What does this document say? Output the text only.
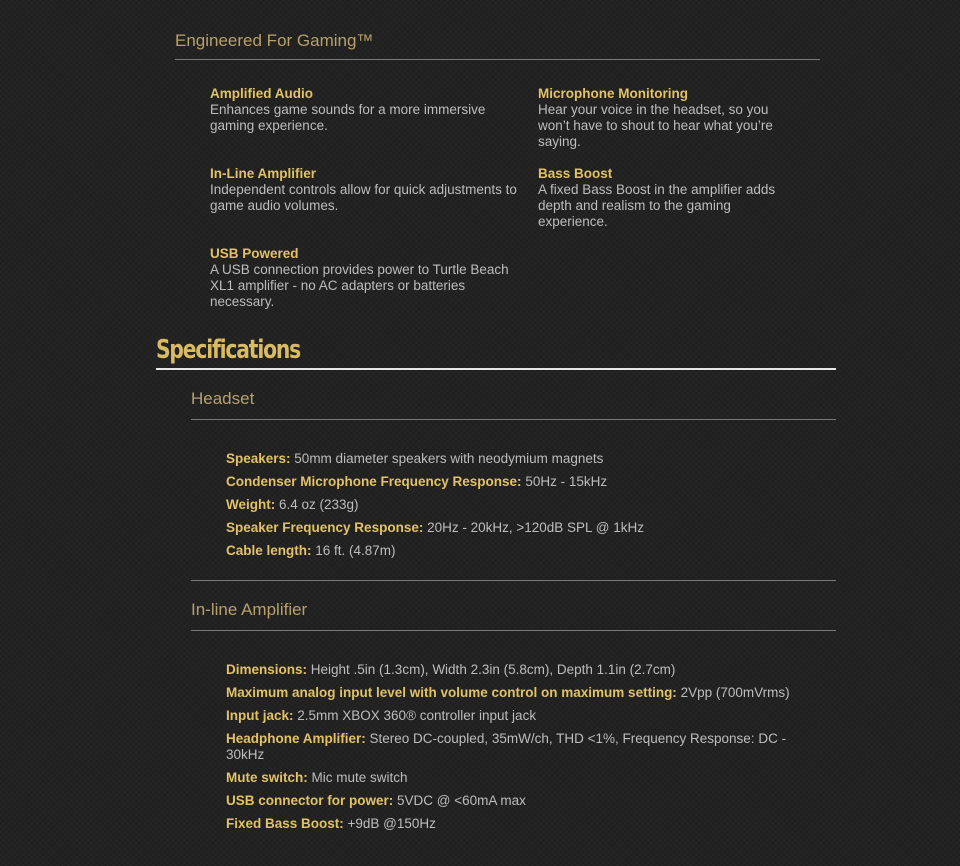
Engineered For Gaming™
Amplified Audio
Enhances game sounds for a more immersive gaming experience.
Microphone Monitoring
Hear your voice in the headset, so you won’t have to shout to hear what you’re saying.
In-Line Amplifier
Independent controls allow for quick adjustments to game audio volumes.
Bass Boost
A fixed Bass Boost in the amplifier adds depth and realism to the gaming experience.
USB Powered
A USB connection provides power to Turtle Beach XL1 amplifier - no AC adapters or batteries necessary.
Specifications
Headset
Speakers: 50mm diameter speakers with neodymium magnets
Condenser Microphone Frequency Response: 50Hz - 15kHz
Weight: 6.4 oz (233g)
Speaker Frequency Response: 20Hz - 20kHz, >120dB SPL @ 1kHz
Cable length: 16 ft. (4.87m)
In-line Amplifier
Dimensions: Height .5in (1.3cm), Width 2.3in (5.8cm), Depth 1.1in (2.7cm)
Maximum analog input level with volume control on maximum setting: 2Vpp (700mVrms)
Input jack: 2.5mm XBOX 360® controller input jack
Headphone Amplifier: Stereo DC-coupled, 35mW/ch, THD <1%, Frequency Response: DC - 30kHz
Mute switch: Mic mute switch
USB connector for power: 5VDC @ <60mA max
Fixed Bass Boost: +9dB @150Hz
